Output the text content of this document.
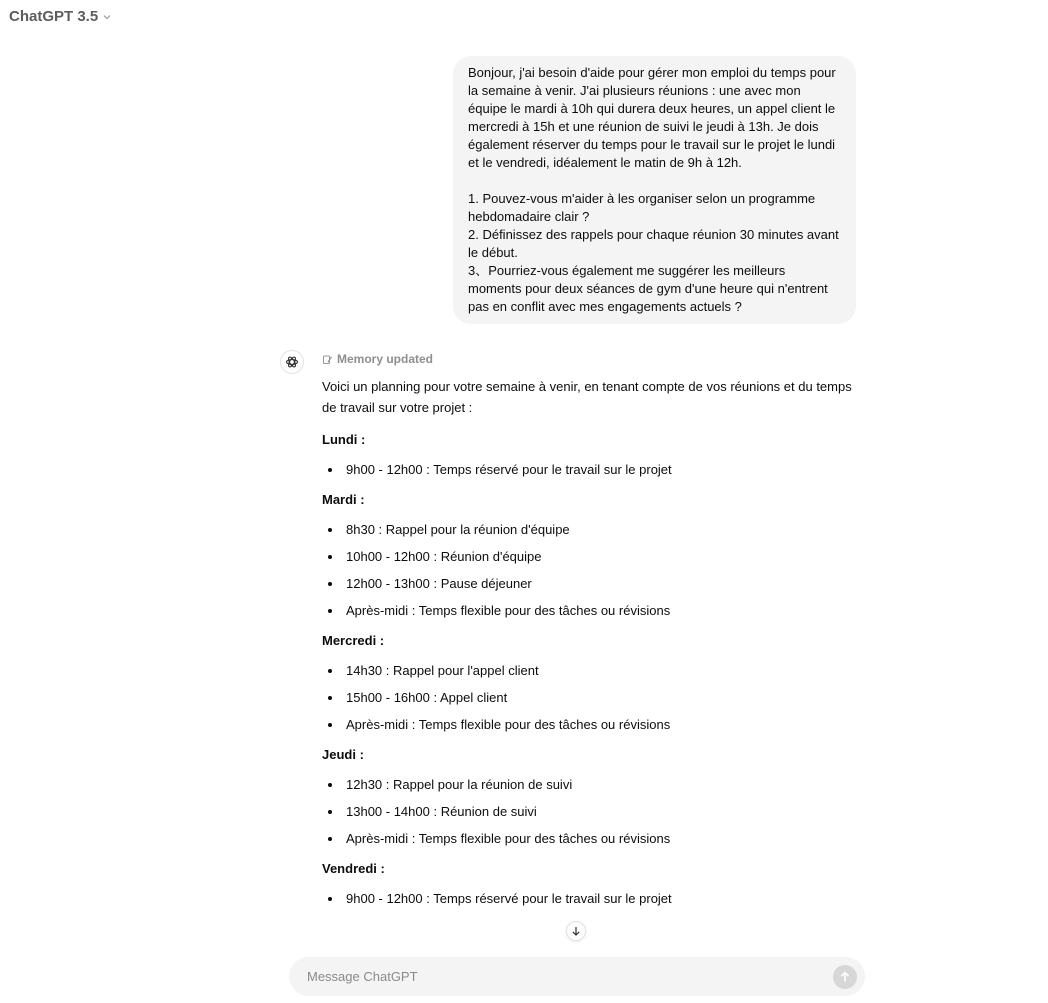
ChatGPT 3.5
Bonjour, j'ai besoin d'aide pour gérer mon emploi du temps pour la semaine à venir. J'ai plusieurs réunions : une avec mon équipe le mardi à 10h qui durera deux heures, un appel client le mercredi à 15h et une réunion de suivi le jeudi à 13h. Je dois également réserver du temps pour le travail sur le projet le lundi et le vendredi, idéalement le matin de 9h à 12h.

1. Pouvez-vous m'aider à les organiser selon un programme hebdomadaire clair ?
2. Définissez des rappels pour chaque réunion 30 minutes avant le début.
3、Pourriez-vous également me suggérer les meilleurs moments pour deux séances de gym d'une heure qui n'entrent pas en conflit avec mes engagements actuels ?
Memory updated

Voici un planning pour votre semaine à venir, en tenant compte de vos réunions et du temps de travail sur votre projet :

Lundi :
9h00 - 12h00 : Temps réservé pour le travail sur le projet
Mardi :
8h30 : Rappel pour la réunion d'équipe
10h00 - 12h00 : Réunion d'équipe
12h00 - 13h00 : Pause déjeuner
Après-midi : Temps flexible pour des tâches ou révisions
Mercredi :
14h30 : Rappel pour l'appel client
15h00 - 16h00 : Appel client
Après-midi : Temps flexible pour des tâches ou révisions
Jeudi :
12h30 : Rappel pour la réunion de suivi
13h00 - 14h00 : Réunion de suivi
Après-midi : Temps flexible pour des tâches ou révisions
Vendredi :
9h00 - 12h00 : Temps réservé pour le travail sur le projet
Message ChatGPT
